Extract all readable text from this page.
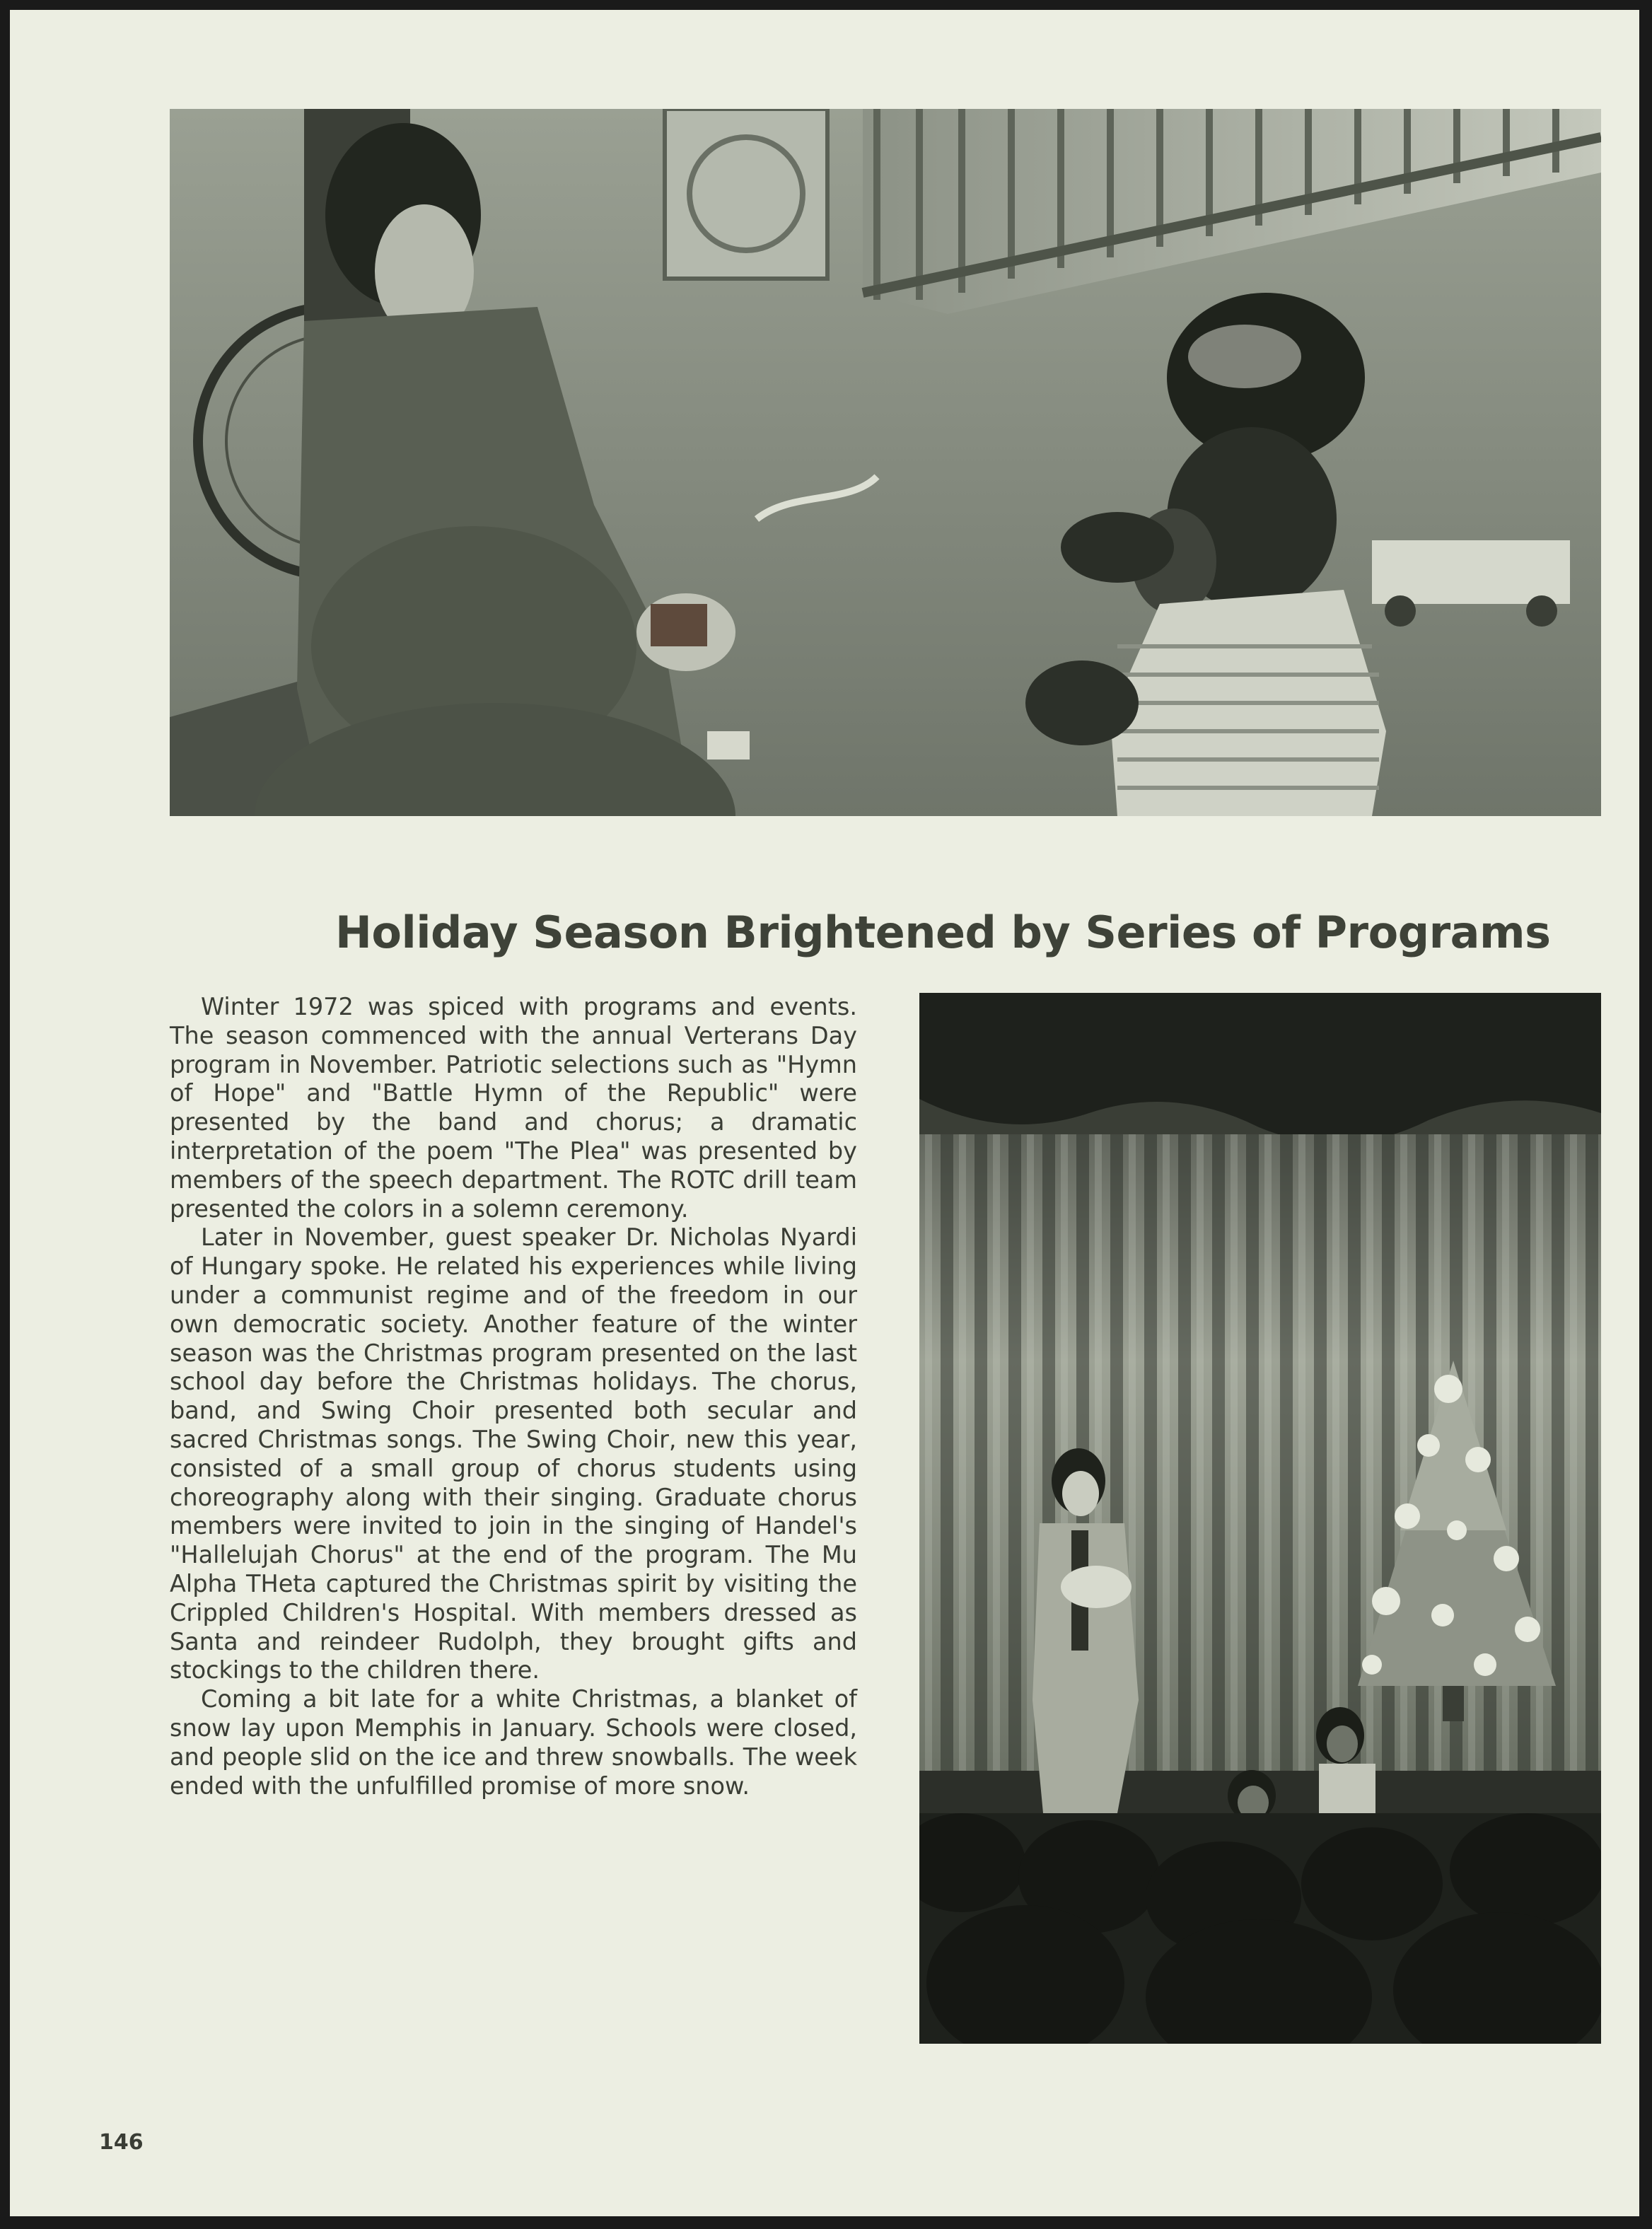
Holiday Season Brightened by Series of Programs

Winter 1972 was spiced with programs and events. The season commenced with the annual Verterans Day program in November. Patriotic selections such as "Hymn of Hope" and "Battle Hymn of the Republic" were presented by the band and chorus; a dramatic interpretation of the poem "The Plea" was presented by members of the speech department. The ROTC drill team presented the colors in a solemn ceremony.

Later in November, guest speaker Dr. Nicholas Nyardi of Hungary spoke. He related his experiences while living under a communist regime and of the freedom in our own democratic society. Another feature of the winter season was the Christmas program presented on the last school day before the Christmas holidays. The chorus, band, and Swing Choir presented both secular and sacred Christmas songs. The Swing Choir, new this year, consisted of a small group of chorus students using choreography along with their singing. Graduate chorus members were invited to join in the singing of Handel's "Hallelujah Chorus" at the end of the program. The Mu Alpha THeta captured the Christmas spirit by visiting the Crippled Children's Hospital. With members dressed as Santa and reindeer Rudolph, they brought gifts and stockings to the children there.

Coming a bit late for a white Christmas, a blanket of snow lay upon Memphis in January. Schools were closed, and people slid on the ice and threw snowballs. The week ended with the unfulfilled promise of more snow.

146
